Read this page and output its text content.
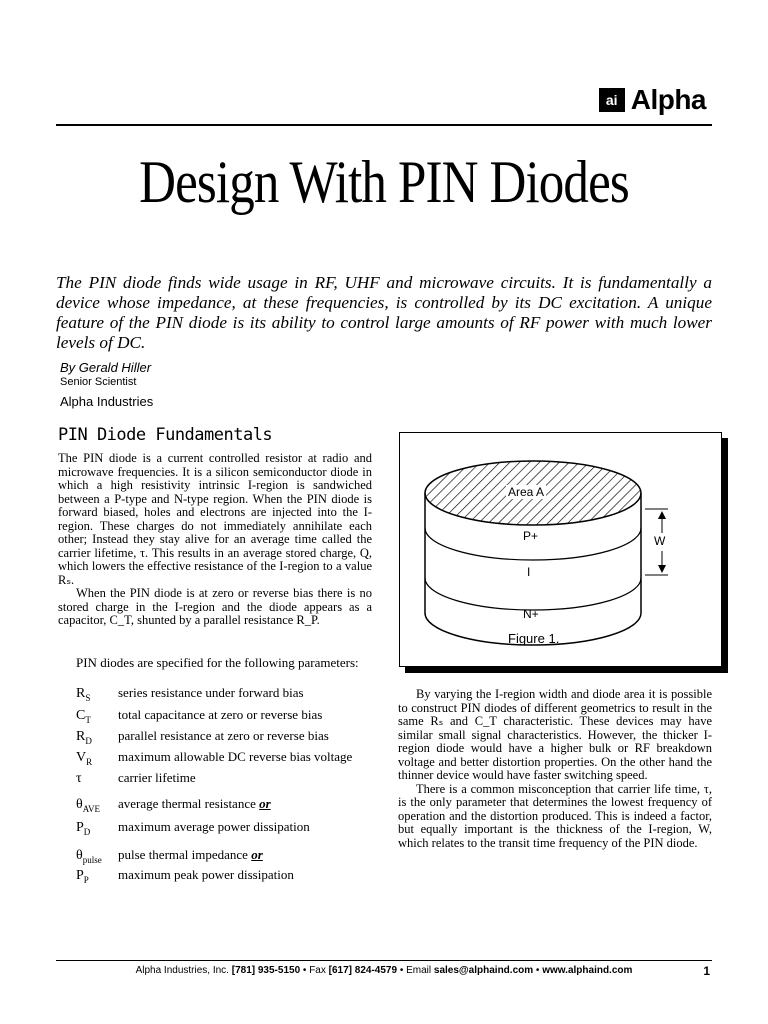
ai Alpha
Design With PIN Diodes
The PIN diode finds wide usage in RF, UHF and microwave circuits. It is fundamentally a device whose impedance, at these frequencies, is controlled by its DC excitation. A unique feature of the PIN diode is its ability to control large amounts of RF power with much lower levels of DC.
By Gerald Hiller
Senior Scientist
Alpha Industries
PIN Diode Fundamentals

The PIN diode is a current controlled resistor at radio and microwave frequencies. It is a silicon semiconductor diode in which a high resistivity intrinsic I-region is sandwiched between a P-type and N-type region. When the PIN diode is forward biased, holes and electrons are injected into the I-region. These charges do not immediately annihilate each other; Instead they stay alive for an average time called the carrier lifetime, τ. This results in an average stored charge, Q, which lowers the effective resistance of the I-region to a value Rₛ.

When the PIN diode is at zero or reverse bias there is no stored charge in the I-region and the diode appears as a capacitor, C_T, shunted by a parallel resistance R_P.

PIN diodes are specified for the following parameters:
$R_S$	series resistance under forward bias
$C_T$	total capacitance at zero or reverse bias
$R_D$	parallel resistance at zero or reverse bias
$V_R$	maximum allowable DC reverse bias voltage
τ	carrier lifetime
$\theta_{AVE}$	average thermal resistance or
$P_D$	maximum average power dissipation
$\theta_{pulse}$	pulse thermal impedance or
$P_P$	maximum peak power dissipation
Area A
P+
I
N+
W
Figure 1.

By varying the I-region width and diode area it is possible to construct PIN diodes of different geometrics to result in the same Rₛ and C_T characteristic. These devices may have similar small signal characteristics. However, the thicker I-region diode would have a higher bulk or RF breakdown voltage and better distortion properties. On the other hand the thinner device would have faster switching speed.

There is a common misconception that carrier life time, τ, is the only parameter that determines the lowest frequency of operation and the distortion produced. This is indeed a factor, but equally important is the thickness of the I-region, W, which relates to the transit time frequency of the PIN diode.

Alpha Industries, Inc. [781] 935-5150 • Fax [617] 824-4579 • Email sales@alphaind.com • www.alphaind.com	1
